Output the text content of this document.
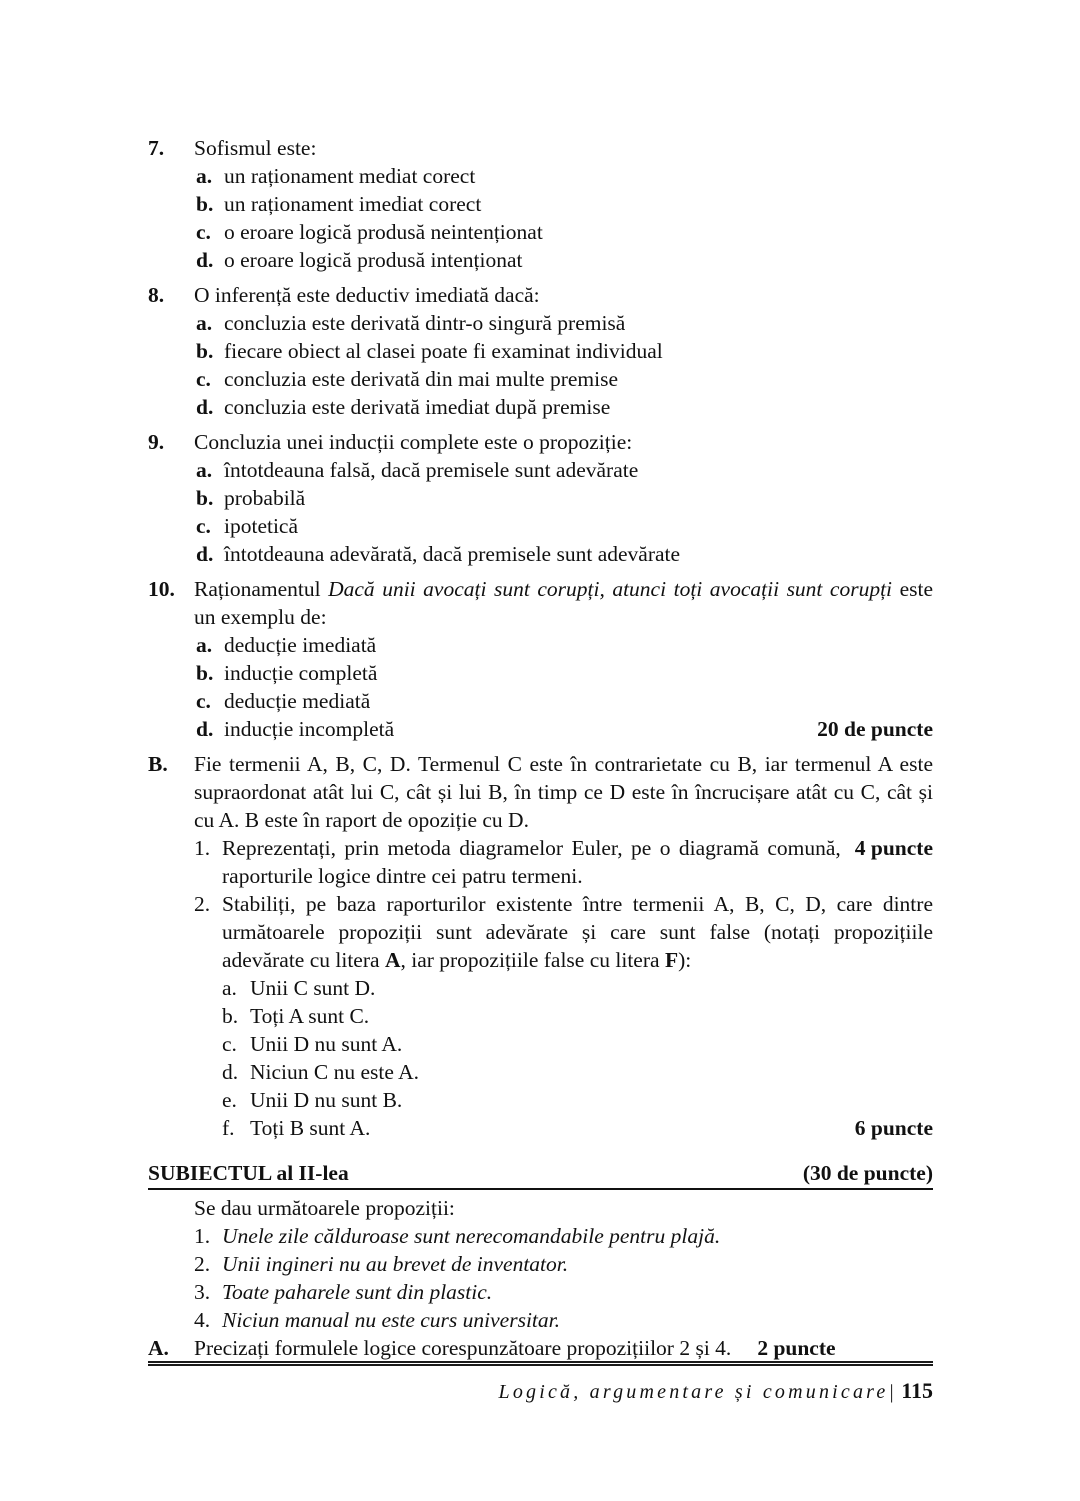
7.	Sofismul este:
a. un raționament mediat corect
b. un raționament imediat corect
c. o eroare logică produsă neintenționat
d. o eroare logică produsă intenționat
8.	O inferență este deductiv imediată dacă:
a. concluzia este derivată dintr-o singură premisă
b. fiecare obiect al clasei poate fi examinat individual
c. concluzia este derivată din mai multe premise
d. concluzia este derivată imediat după premise
9.	Concluzia unei inducții complete este o propoziție:
a. întotdeauna falsă, dacă premisele sunt adevărate
b. probabilă
c. ipotetică
d. întotdeauna adevărată, dacă premisele sunt adevărate
10. Raționamentul Dacă unii avocați sunt corupți, atunci toți avocații sunt corupți este un exemplu de:
a. deducție imediată
b. inducție completă
c. deducție mediată
d.	20 de puncte
inducție incompletă
B.	Fie termenii A, B, C, D. Termenul C este în contrarietate cu B, iar termenul A este supraordonat atât lui C, cât și lui B, în timp ce D este în încrucișare atât cu C, cât și cu A. B este în raport de opoziție cu D.
1.	4 puncte
Reprezentați, prin metoda diagramelor Euler, pe o diagramă comună, raporturile logice dintre cei patru termeni.
2. Stabiliți, pe baza raporturilor existente între termenii A, B, C, D, care dintre următoarele propoziții sunt adevărate și care sunt false (notați propozițiile adevărate cu litera A, iar propozițiile false cu litera F):
a. Unii C sunt D.
b. Toți A sunt C.
c. Unii D nu sunt A.
d. Niciun C nu este A.
e. Unii D nu sunt B.
f.	6 puncte
Toți B sunt A.
SUBIECTUL al II-lea	(30 de puncte)
Se dau următoarele propoziții:
1. Unele zile călduroase sunt nerecomandabile pentru plajă.
2. Unii ingineri nu au brevet de inventator.
3. Toate paharele sunt din plastic.
4. Niciun manual nu este curs universitar.
A.	Precizați formulele logice corespunzătoare propozițiilor 2 și 4. 2 puncte
Logică, argumentare și comunicare| 115
